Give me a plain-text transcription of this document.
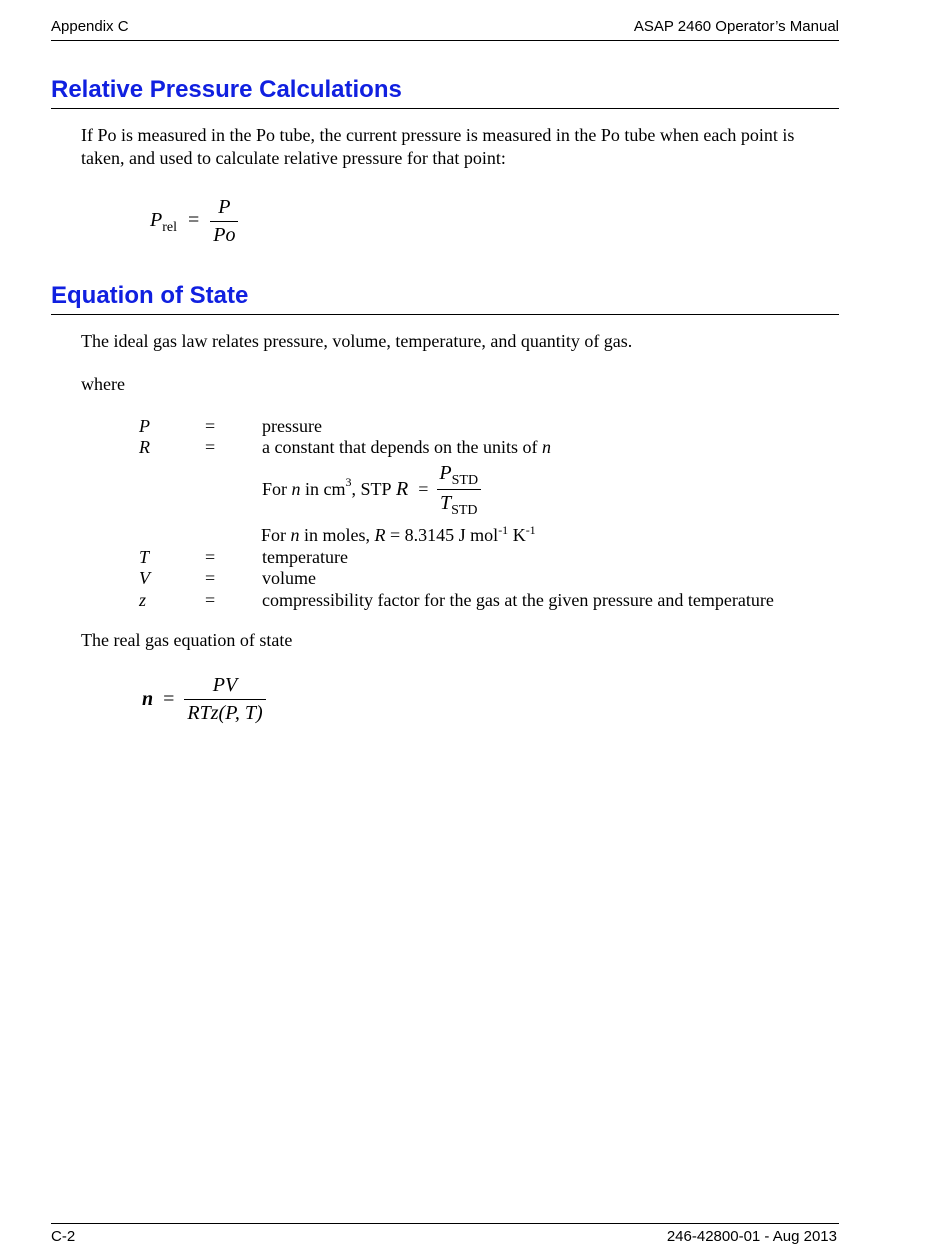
Appendix C	ASAP 2460 Operator’s Manual
Relative Pressure Calculations
If Po is measured in the Po tube, the current pressure is measured in the Po tube when each point is taken, and used to calculate relative pressure for that point:
$P_{rel} = \frac{P}{Po}$
Equation of State
The ideal gas law relates pressure, volume, temperature, and quantity of gas.
where
P	=	pressure
R	=	a constant that depends on the units of n
For
n
in cm 3 , STP
$R = \frac{P_{STD}}{T_{STD}}$
For n in moles, R = 8.3145 J mol$^{-1}$ $K^{-1}$
T	=	temperature
V	=	volume
z	=	compressibility factor for the gas at the given pressure and temperature
The real gas equation of state
$n = \frac{PV}{\text{RTz(P, T)}}$
C-2	246-42800-01 - Aug 2013
